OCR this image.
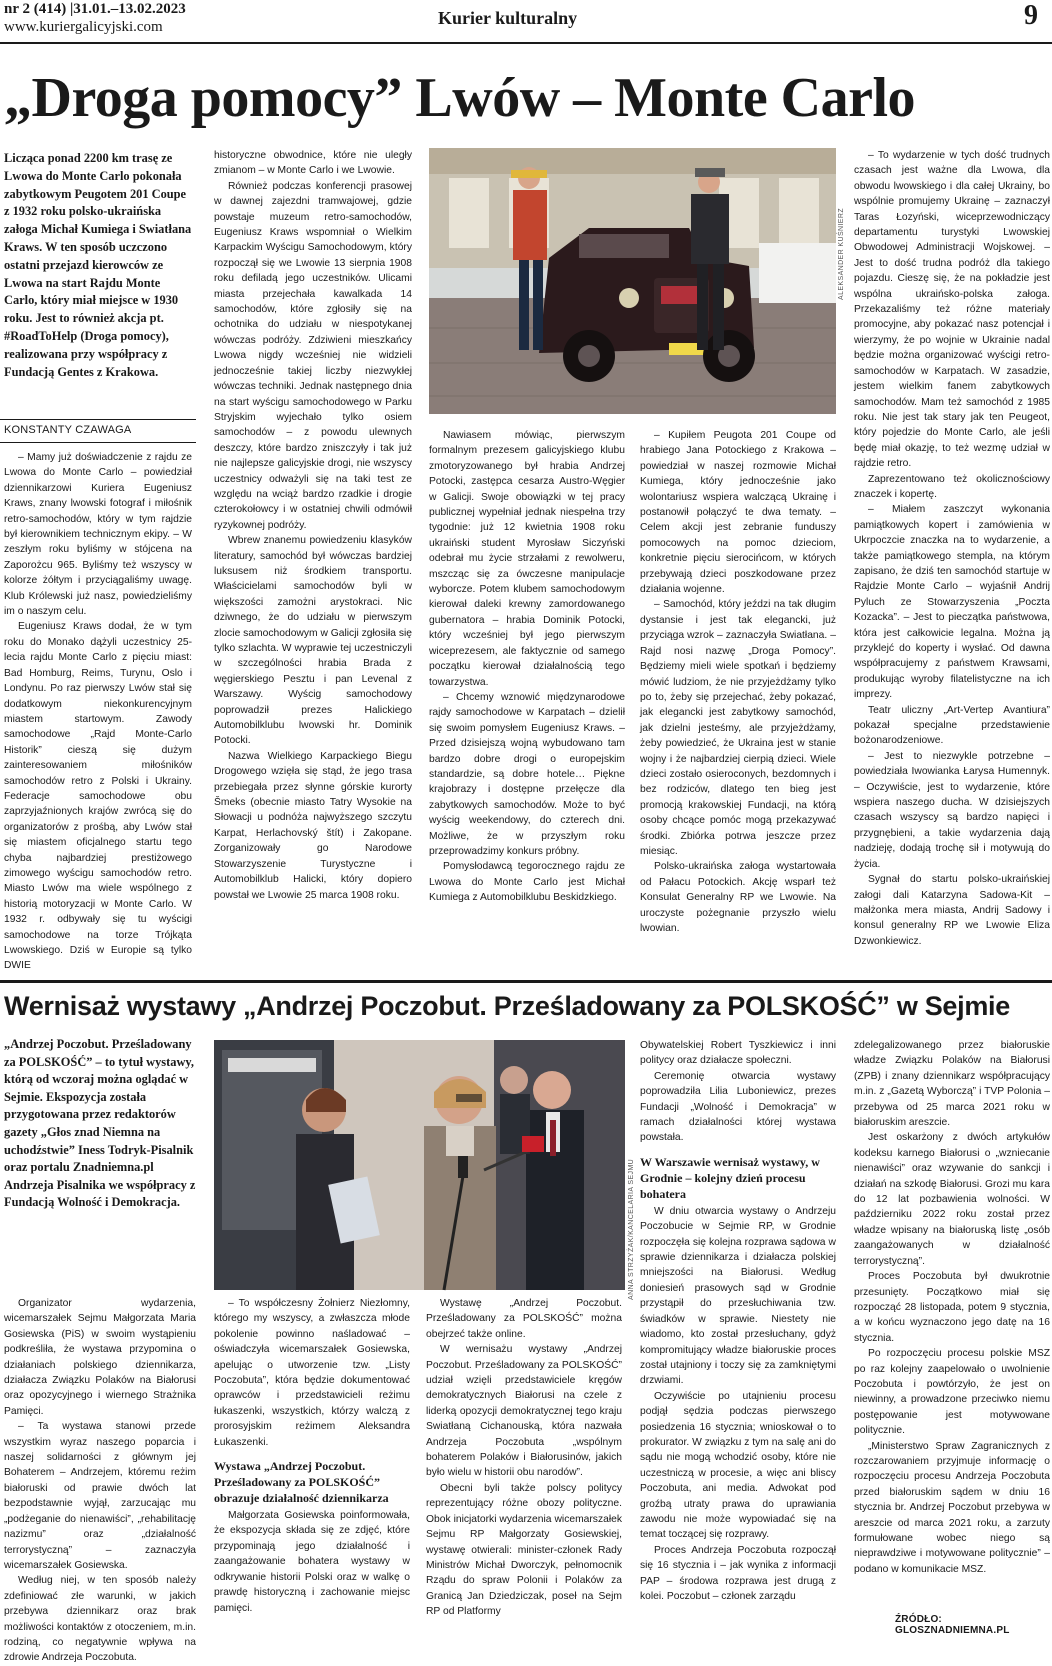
nr 2 (414) |31.01.–13.02.2023
www.kuriergalicyjski.com	Kurier kulturalny	9
„Droga pomocy” Lwów – Monte Carlo
Licząca ponad 2200 km trasę ze Lwowa do Monte Carlo pokonała zabytkowym Peugotem 201 Coupe z 1932 roku polsko-ukraińska załoga Michał Kumiega i Swiatłana Kraws. W ten sposób uczczono ostatni przejazd kierowców ze Lwowa na start Rajdu Monte Carlo, który miał miejsce w 1930 roku. Jest to również akcja pt. #RoadToHelp (Droga pomocy), realizowana przy współpracy z Fundacją Gentes z Krakowa.
KONSTANTY CZAWAGA

– Mamy już doświadczenie z rajdu ze Lwowa do Monte Carlo – powiedział dziennikarzowi Kuriera Eugeniusz Kraws, znany lwowski fotograf i miłośnik retro-samochodów, który w tym rajdzie był kierownikiem technicznym ekipy. – W zeszłym roku byliśmy w stójcena na Zaporożcu 965. Byliśmy też wszyscy w kolorze żółtym i przyciągaliśmy uwagę. Klub Królewski już nasz, powiedzieliśmy im o naszym celu.

Eugeniusz Kraws dodał, że w tym roku do Monako dążyli uczestnicy 25-lecia rajdu Monte Carlo z pięciu miast: Bad Homburg, Reims, Turynu, Oslo i Londynu. Po raz pierwszy Lwów stał się dodatkowym niekonkurencyjnym miastem startowym. Zawody samochodowe „Rajd Monte-Carlo Historik” cieszą się dużym zainteresowaniem miłośników samochodów retro z Polski i Ukrainy. Federacje samochodowe obu zaprzyjaźnionych krajów zwrócą się do organizatorów z prośbą, aby Lwów stał się miastem oficjalnego startu tego chyba najbardziej prestiżowego zimowego wyścigu samochodów retro. Miasto Lwów ma wiele wspólnego z historią motoryzacji w Monte Carlo. W 1932 r. odbywały się tu wyścigi samochodowe na torze Trójkąta Lwowskiego. Dziś w Europie są tylko DWIE

historyczne obwodnice, które nie uległy zmianom – w Monte Carlo i we Lwowie.

Również podczas konferencji prasowej w dawnej zajezdni tramwajowej, gdzie powstaje muzeum retro-samochodów, Eugeniusz Kraws wspomniał o Wielkim Karpackim Wyścigu Samochodowym, który rozpoczął się we Lwowie 13 sierpnia 1908 roku defiladą jego uczestników. Ulicami miasta przejechała kawalkada 14 samochodów, które zgłosiły się na ochotnika do udziału w niespotykanej wówczas podróży. Zdziwieni mieszkańcy Lwowa nigdy wcześniej nie widzieli jednocześnie takiej liczby niezwykłej wówczas techniki. Jednak następnego dnia na start wyścigu samochodowego w Parku Stryjskim wyjechało tylko osiem samochodów – z powodu ulewnych deszczy, które bardzo zniszczyły i tak już nie najlepsze galicyjskie drogi, nie wszyscy uczestnicy odważyli się na taki test ze względu na wciąż bardzo rzadkie i drogie czterokołowcy i w ostatniej chwili odmówił ryzykownej podróży.

Wbrew znanemu powiedzeniu klasyków literatury, samochód był wówczas bardziej luksusem niż środkiem transportu. Właścicielami samochodów byli w większości zamożni arystokraci. Nic dziwnego, że do udziału w pierwszym zlocie samochodowym w Galicji zgłosiła się tylko szlachta. W wyprawie tej uczestniczyli w szczególności hrabia Brada z węgierskiego Pesztu i pan Levenal z Warszawy. Wyścig samochodowy poprowadził prezes Halickiego Automobilklubu lwowski hr. Dominik Potocki.

Nazwa Wielkiego Karpackiego Biegu Drogowego wzięła się stąd, że jego trasa przebiegała przez słynne górskie kurorty Šmeks (obecnie miasto Tatry Wysokie na Słowacji u podnóża najwyższego szczytu Karpat, Herlachovský štít) i Zakopane. Zorganizowały go Narodowe Stowarzyszenie Turystyczne i Automobilklub Halicki, który dopiero powstał we Lwowie 25 marca 1908 roku.

ALEKSANDER KUŚNIERZ

Nawiasem mówiąc, pierwszym formalnym prezesem galicyjskiego klubu zmotoryzowanego był hrabia Andrzej Potocki, zastępca cesarza Austro-Węgier w Galicji. Swoje obowiązki w tej pracy publicznej wypełniał jednak niespełna trzy tygodnie: już 12 kwietnia 1908 roku ukraiński student Myrosław Siczyński odebrał mu życie strzałami z rewolweru, mszcząc się za ówczesne manipulacje wyborcze. Potem klubem samochodowym kierował daleki krewny zamordowanego gubernatora – hrabia Dominik Potocki, który wcześniej był jego pierwszym wiceprezesem, ale faktycznie od samego początku kierował działalnością tego towarzystwa.

– Chcemy wznowić międzynarodowe rajdy samochodowe w Karpatach – dzielił się swoim pomysłem Eugeniusz Kraws. – Przed dzisiejszą wojną wybudowano tam bardzo dobre drogi o europejskim standardzie, są dobre hotele… Piękne krajobrazy i dostępne przełęcze dla zabytkowych samochodów. Może to być wyścig weekendowy, do czterech dni. Możliwe, że w przyszłym roku przeprowadzimy konkurs próbny.

Pomysłodawcą tegorocznego rajdu ze Lwowa do Monte Carlo jest Michał Kumiega z Automobilklubu Beskidzkiego.

– Kupiłem Peugota 201 Coupe od hrabiego Jana Potockiego z Krakowa – powiedział w naszej rozmowie Michał Kumiega, który jednocześnie jako wolontariusz wspiera walczącą Ukrainę i postanowił połączyć te dwa tematy. – Celem akcji jest zebranie funduszy pomocowych na pomoc dzieciom, konkretnie pięciu sierocińcom, w których przebywają dzieci poszkodowane przez działania wojenne.

– Samochód, który jeździ na tak długim dystansie i jest tak elegancki, już przyciąga wzrok – zaznaczyła Swiatłana. – Rajd nosi nazwę „Droga Pomocy”. Będziemy mieli wiele spotkań i będziemy mówić ludziom, że nie przyjeżdżamy tylko po to, żeby się przejechać, żeby pokazać, jak elegancki jest zabytkowy samochód, jak dzielni jesteśmy, ale przyjeżdżamy, żeby powiedzieć, że Ukraina jest w stanie wojny i że najbardziej cierpią dzieci. Wiele dzieci zostało osieroconych, bezdomnych i bez rodziców, dlatego ten bieg jest promocją krakowskiej Fundacji, na którą osoby chcące pomóc mogą przekazywać środki. Zbiórka potrwa jeszcze przez miesiąc.

Polsko-ukraińska załoga wystartowała od Pałacu Potockich. Akcję wsparł też Konsulat Generalny RP we Lwowie. Na uroczyste pożegnanie przyszło wielu lwowian.

– To wydarzenie w tych dość trudnych czasach jest ważne dla Lwowa, dla obwodu lwowskiego i dla całej Ukrainy, bo wspólnie promujemy Ukrainę – zaznaczył Taras Łozyński, wiceprzewodniczący departamentu turystyki Lwowskiej Obwodowej Administracji Wojskowej. – Jest to dość trudna podróż dla takiego pojazdu. Cieszę się, że na pokładzie jest wspólna ukraińsko-polska załoga. Przekazaliśmy też różne materiały promocyjne, aby pokazać nasz potencjał i wierzymy, że po wojnie w Ukrainie nadal będzie można organizować wyścigi retro-samochodów w Karpatach. W zasadzie, jestem wielkim fanem zabytkowych samochodów. Mam też samochód z 1985 roku. Nie jest tak stary jak ten Peugeot, który pojedzie do Monte Carlo, ale jeśli będę miał okazję, to też wezmę udział w rajdzie retro.

Zaprezentowano też okolicznościowy znaczek i kopertę.

– Miałem zaszczyt wykonania pamiątkowych kopert i zamówienia w Ukrpoczcie znaczka na to wydarzenie, a także pamiątkowego stempla, na którym zapisano, że dziś ten samochód startuje w Rajdzie Monte Carlo – wyjaśnił Andrij Pyluch ze Stowarzyszenia „Poczta Kozacka”. – Jest to pieczątka państwowa, która jest całkowicie legalna. Można ją przyklejć do koperty i wysłać. Od dawna współpracujemy z państwem Krawsami, produkując wyroby filatelistyczne na ich imprezy.

Teatr uliczny „Art-Vertep Avantiura” pokazał specjalne przedstawienie bożonarodzeniowe.

– Jest to niezwykle potrzebne – powiedziała Iwowianka Łarysa Humennyk. – Oczywiście, jest to wydarzenie, które wspiera naszego ducha. W dzisiejszych czasach wszyscy są bardzo napięci i przygnębieni, a takie wydarzenia dają nadzieję, dodają trochę sił i motywują do życia.

Sygnał do startu polsko-ukraińskiej załogi dali Katarzyna Sadowa-Kit – małżonka mera miasta, Andrij Sadowy i konsul generalny RP we Lwowie Eliza Dzwonkiewicz.

Wernisaż wystawy „Andrzej Poczobut. Prześladowany za POLSKOŚĆ” w Sejmie
„Andrzej Poczobut. Prześladowany za POLSKOŚĆ” – to tytuł wystawy, którą od wczoraj można oglądać w Sejmie. Ekspozycja została przygotowana przez redaktorów gazety „Głos znad Niemna na uchodźstwie” Iness Todryk-Pisalnik oraz portalu Znadniemna.pl Andrzeja Pisalnika we współpracy z Fundacją Wolność i Demokracja.

Organizator wydarzenia, wicemarszałek Sejmu Małgorzata Maria Gosiewska (PiS) w swoim wystąpieniu podkreśliła, że wystawa przypomina o działaniach polskiego dziennikarza, działacza Związku Polaków na Białorusi oraz opozycyjnego i wiernego Strażnika Pamięci.

– Ta wystawa stanowi przede wszystkim wyraz naszego poparcia i naszej solidarności z głównym jej Bohaterem – Andrzejem, któremu reżim białoruski od prawie dwóch lat bezpodstawnie wyjął, zarzucając mu „podżeganie do nienawiści”, „rehabilitację nazizmu” oraz „działalność terrorystyczną” – zaznaczyła wicemarszałek Gosiewska.

Według niej, w ten sposób należy zdefiniować złe warunki, w jakich przebywa dziennikarz oraz brak możliwości kontaktów z otoczeniem, m.in. rodziną, co negatywnie wpływa na zdrowie Andrzeja Poczobuta.

ANNA STRZYŻAK/KANCELARIA SEJMU

– To współczesny Żołnierz Niezłomny, którego my wszyscy, a zwłaszcza młode pokolenie powinno naśladować – oświadczyła wicemarszałek Gosiewska, apelując o utworzenie tzw. „Listy Poczobuta”, która będzie dokumentować oprawców i przedstawicieli reżimu łukaszenki, wszystkich, którzy walczą z prorosyjskim reżimem Aleksandra Łukaszenki.

Wystawa „Andrzej Poczobut. Prześladowany za POLSKOŚĆ” obrazuje działalność dziennikarza

Małgorzata Gosiewska poinformowała, że ekspozycja składa się ze zdjęć, które przypominają jego działalność i zaangażowanie bohatera wystawy w odkrywanie historii Polski oraz w walkę o prawdę historyczną i zachowanie miejsc pamięci.

Wystawę „Andrzej Poczobut. Prześladowany za POLSKOŚĆ” można obejrzeć także online.

W wernisażu wystawy „Andrzej Poczobut. Prześladowany za POLSKOŚĆ” udział wzięli przedstawiciele kręgów demokratycznych Białorusi na czele z liderką opozycji demokratycznej tego kraju Swiatłaną Cichanouską, która nazwała Andrzeja Poczobuta „wspólnym bohaterem Polaków i Białorusinów, jakich było wielu w historii obu narodów”.

Obecni byli także polscy politycy reprezentujący różne obozy polityczne. Obok inicjatorki wydarzenia wicemarszałek Sejmu RP Małgorzaty Gosiewskiej, wystawę otwierali: minister-członek Rady Ministrów Michał Dworczyk, pełnomocnik Rządu do spraw Polonii i Polaków za Granicą Jan Dziedziczak, poseł na Sejm RP od Platformy

Obywatelskiej Robert Tyszkiewicz i inni politycy oraz działacze społeczni.

Ceremonię otwarcia wystawy poprowadziła Lilia Luboniewicz, prezes Fundacji „Wolność i Demokracja” w ramach działalności której wystawa powstała.

W Warszawie wernisaż wystawy, w Grodnie – kolejny dzień procesu bohatera

W dniu otwarcia wystawy o Andrzeju Poczobucie w Sejmie RP, w Grodnie rozpoczęła się kolejna rozprawa sądowa w sprawie dziennikarza i działacza polskiej mniejszości na Białorusi. Według doniesień prasowych sąd w Grodnie przystąpił do przesłuchiwania tzw. świadków w sprawie. Niestety nie wiadomo, kto został przesłuchany, gdyż kompromitujący władze białoruskie proces został utajniony i toczy się za zamkniętymi drzwiami.

Oczywiście po utajnieniu procesu podjął sędzia podczas pierwszego posiedzenia 16 stycznia; wnioskował o to prokurator. W związku z tym na salę ani do sądu nie mogą wchodzić osoby, które nie uczestniczą w procesie, a więc ani bliscy Poczobuta, ani media. Adwokat pod groźbą utraty prawa do uprawiania zawodu nie może wypowiadać się na temat toczącej się rozprawy.

Proces Andrzeja Poczobuta rozpoczął się 16 stycznia i – jak wynika z informacji PAP – środowa rozprawa jest drugą z kolei. Poczobut – członek zarządu

zdelegalizowanego przez białoruskie władze Związku Polaków na Białorusi (ZPB) i znany dziennikarz współpracujący m.in. z „Gazetą Wyborczą” i TVP Polonia – przebywa od 25 marca 2021 roku w białoruskim areszcie.

Jest oskarżony z dwóch artykułów kodeksu karnego Białorusi o „wzniecanie nienawiści” oraz wzywanie do sankcji i działań na szkodę Białorusi. Grozi mu kara do 12 lat pozbawienia wolności. W październiku 2022 roku został przez władze wpisany na białoruską listę „osób zaangażowanych w działalność terrorystyczną”.

Proces Poczobuta był dwukrotnie przesunięty. Początkowo miał się rozpocząć 28 listopada, potem 9 stycznia, a w końcu wyznaczono jego datę na 16 stycznia.

Po rozpoczęciu procesu polskie MSZ po raz kolejny zaapelowało o uwolnienie Poczobuta i powtórzyło, że jest on niewinny, a prowadzone przeciwko niemu postępowanie jest motywowane politycznie.

„Ministerstwo Spraw Zagranicznych z rozczarowaniem przyjmuje informację o rozpoczęciu procesu Andrzeja Poczobuta przed białoruskim sądem w dniu 16 stycznia br. Andrzej Poczobut przebywa w areszcie od marca 2021 roku, a zarzuty formułowane wobec niego są nieprawdziwe i motywowane politycznie” – podano w komunikacie MSZ.

ŹRÓDŁO: GLOSZNADNIEMNA.PL
